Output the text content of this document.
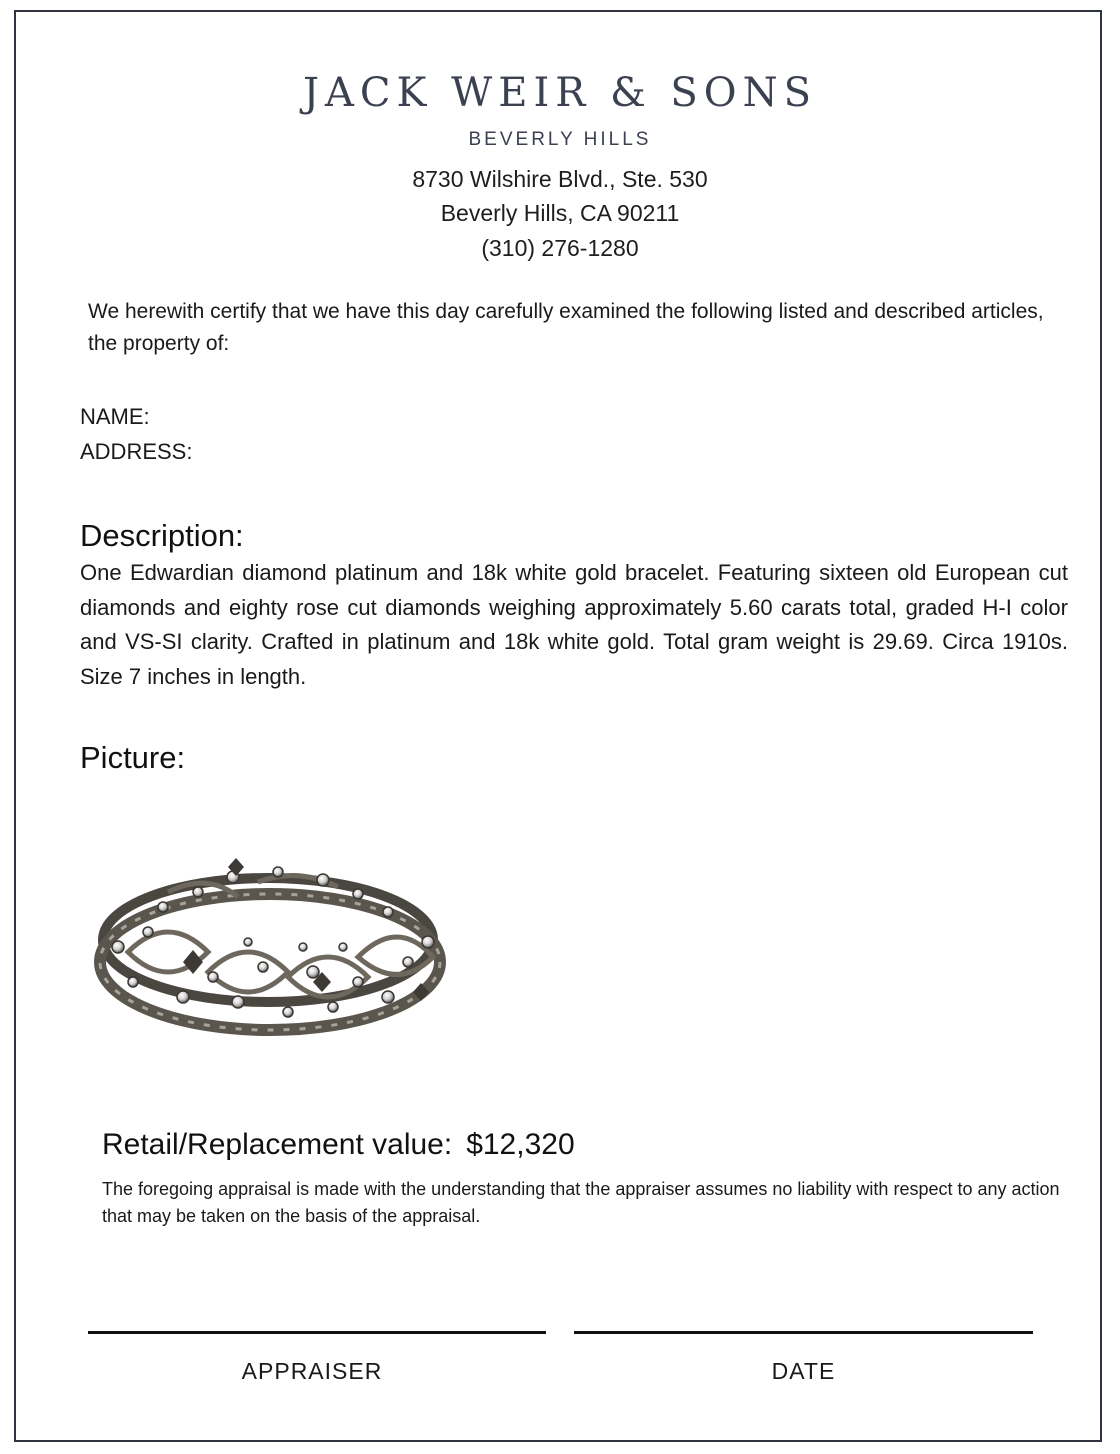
JACK WEIR & SONS
BEVERLY HILLS
8730 Wilshire Blvd., Ste. 530
Beverly Hills, CA 90211
(310) 276-1280
We herewith certify that we have this day carefully examined the following listed and described articles, the property of:
NAME:
ADDRESS:
Description:
One Edwardian diamond platinum and 18k white gold bracelet. Featuring sixteen old European cut diamonds and eighty rose cut diamonds weighing approximately 5.60 carats total, graded H-I color and VS-SI clarity. Crafted in platinum and 18k white gold. Total gram weight is 29.69. Circa 1910s. Size 7 inches in length.
Picture:
Retail/Replacement value: $12,320
The foregoing appraisal is made with the understanding that the appraiser assumes no liability with respect to any action that may be taken on the basis of the appraisal.
APPRAISER	DATE
